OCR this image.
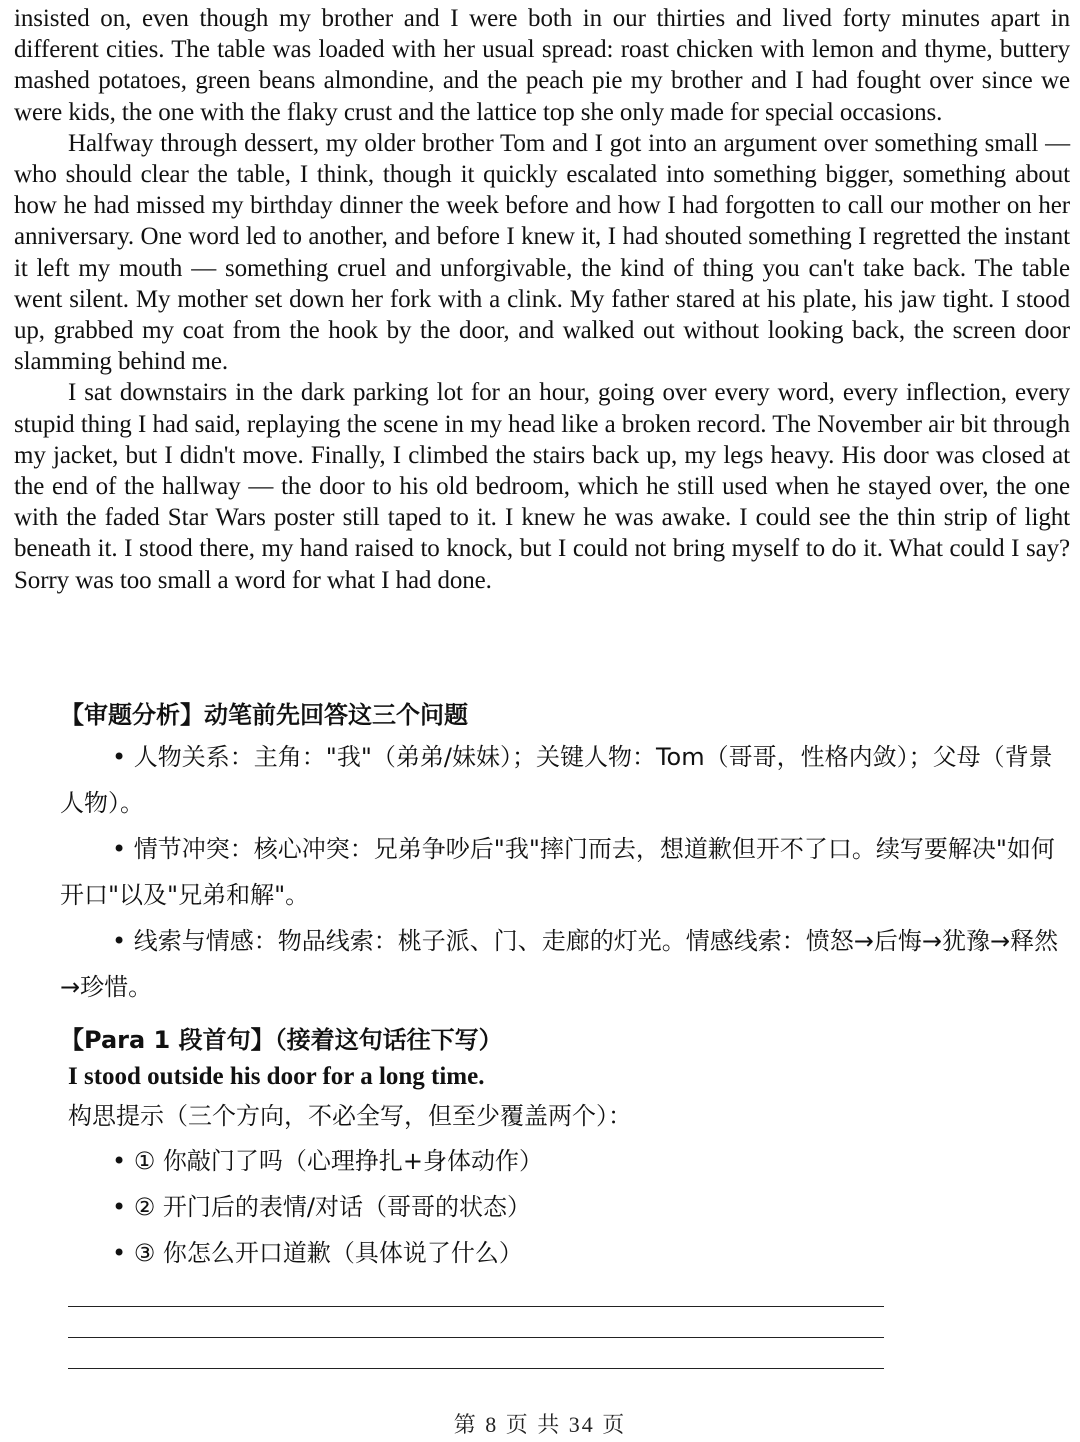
insisted on, even though my brother and I were both in our thirties and lived forty minutes apart in different cities. The table was loaded with her usual spread: roast chicken with lemon and thyme, buttery mashed potatoes, green beans almondine, and the peach pie my brother and I had fought over since we were kids, the one with the flaky crust and the lattice top she only made for special occasions.

Halfway through dessert, my older brother Tom and I got into an argument over something small — who should clear the table, I think, though it quickly escalated into something bigger, something about how he had missed my birthday dinner the week before and how I had forgotten to call our mother on her anniversary. One word led to another, and before I knew it, I had shouted something I regretted the instant it left my mouth — something cruel and unforgivable, the kind of thing you can't take back. The table went silent. My mother set down her fork with a clink. My father stared at his plate, his jaw tight. I stood up, grabbed my coat from the hook by the door, and walked out without looking back, the screen door slamming behind me.

I sat downstairs in the dark parking lot for an hour, going over every word, every inflection, every stupid thing I had said, replaying the scene in my head like a broken record. The November air bit through my jacket, but I didn't move. Finally, I climbed the stairs back up, my legs heavy. His door was closed at the end of the hallway — the door to his old bedroom, which he still used when he stayed over, the one with the faded Star Wars poster still taped to it. I knew he was awake. I could see the thin strip of light beneath it. I stood there, my hand raised to knock, but I could not bring myself to do it. What could I say? Sorry was too small a word for what I had done.

【审题分析】动笔前先回答这三个问题

• 人物关系：主角："我"（弟弟/妹妹）；关键人物：Tom（哥哥，性格内敛）；父母（背景人物）。

• 情节冲突：核心冲突：兄弟争吵后"我"摔门而去，想道歉但开不了口。续写要解决"如何开口"以及"兄弟和解"。

• 线索与情感：物品线索：桃子派、门、走廊的灯光。情感线索：愤怒→后悔→犹豫→释然→珍惜。

【Para 1 段首句】（接着这句话往下写）

I stood outside his door for a long time.

构思提示（三个方向，不必全写，但至少覆盖两个）：

• ① 你敲门了吗（心理挣扎+身体动作）

• ② 开门后的表情/对话（哥哥的状态）

• ③ 你怎么开口道歉（具体说了什么）

第 8 页 共 34 页
